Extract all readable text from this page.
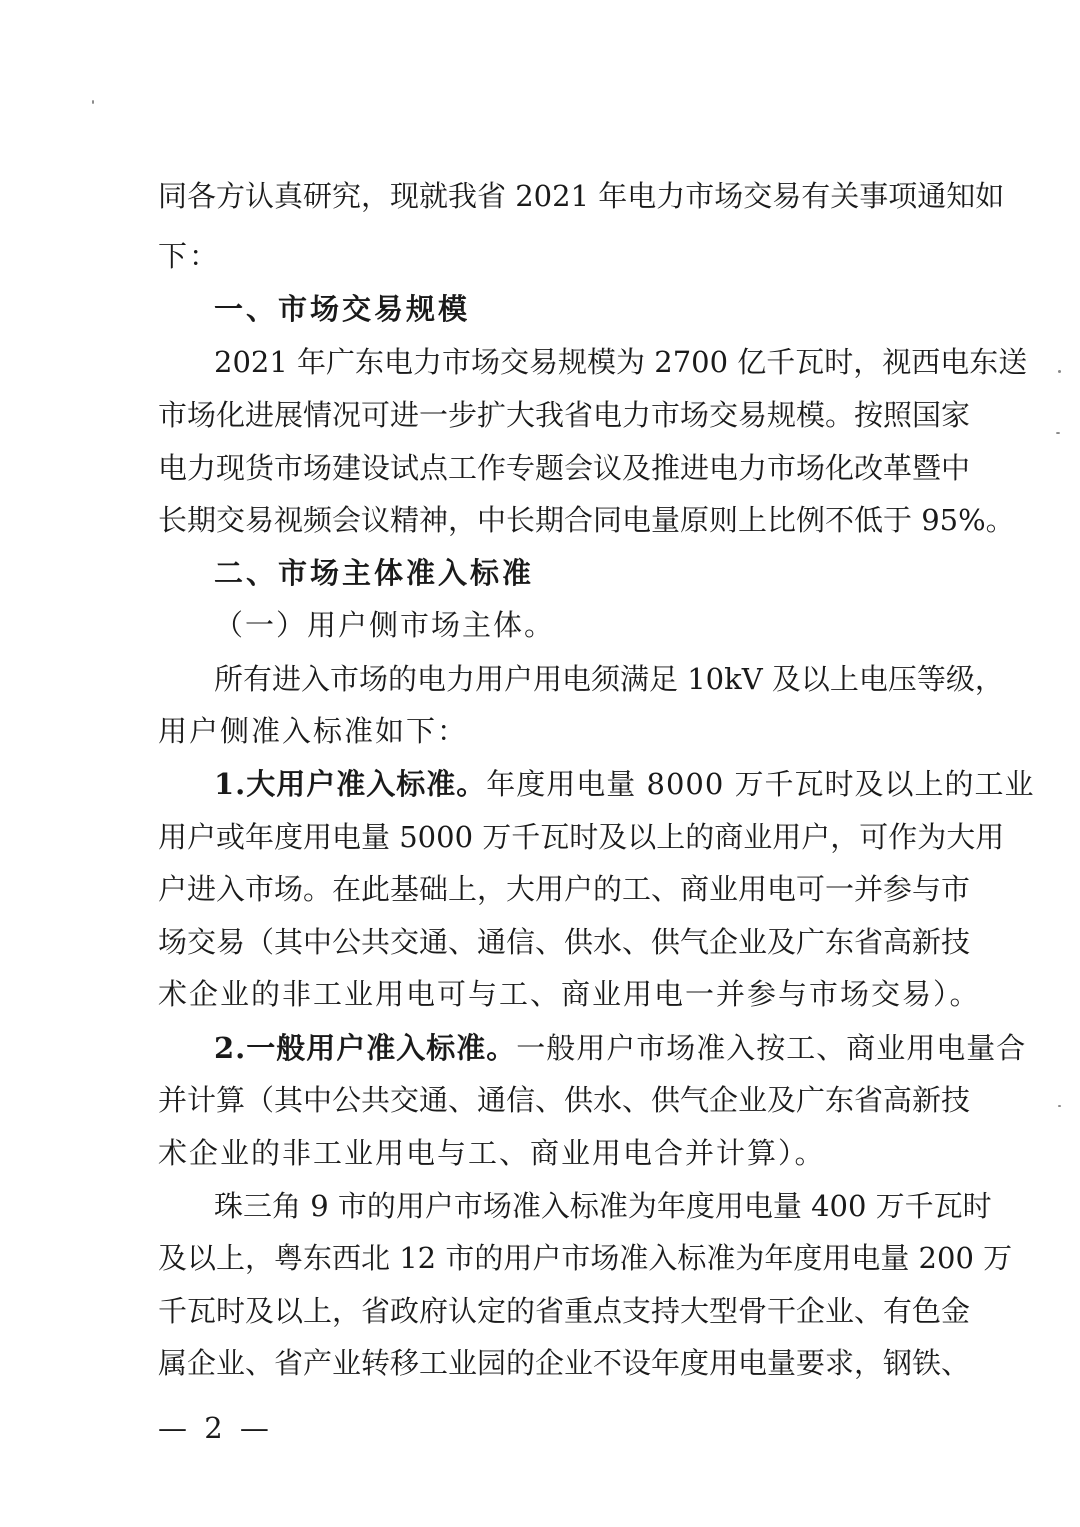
同各方认真研究，现就我省 2021 年电力市场交易有关事项通知如
下：
一、市场交易规模
2021 年广东电力市场交易规模为 2700 亿千瓦时，视西电东送
市场化进展情况可进一步扩大我省电力市场交易规模。按照国家
电力现货市场建设试点工作专题会议及推进电力市场化改革暨中
长期交易视频会议精神，中长期合同电量原则上比例不低于 95%。
二、市场主体准入标准
（一）用户侧市场主体。
所有进入市场的电力用户用电须满足 10kV 及以上电压等级，
用户侧准入标准如下：
1.大用户准入标准。 年度用电量 8000 万千瓦时及以上的工业
用户或年度用电量 5000 万千瓦时及以上的商业用户，可作为大用
户进入市场。在此基础上，大用户的工、商业用电可一并参与市
场交易（其中公共交通、通信、供水、供气企业及广东省高新技
术企业的非工业用电可与工、商业用电一并参与市场交易）。
2.一般用户准入标准。 一般用户市场准入按工、商业用电量合
并计算（其中公共交通、通信、供水、供气企业及广东省高新技
术企业的非工业用电与工、商业用电合并计算）。
珠三角 9 市的用户市场准入标准为年度用电量 400 万千瓦时
及以上，粤东西北 12 市的用户市场准入标准为年度用电量 200 万
千瓦时及以上，省政府认定的省重点支持大型骨干企业、有色金
属企业、省产业转移工业园的企业不设年度用电量要求，钢铁、
— 2 —
